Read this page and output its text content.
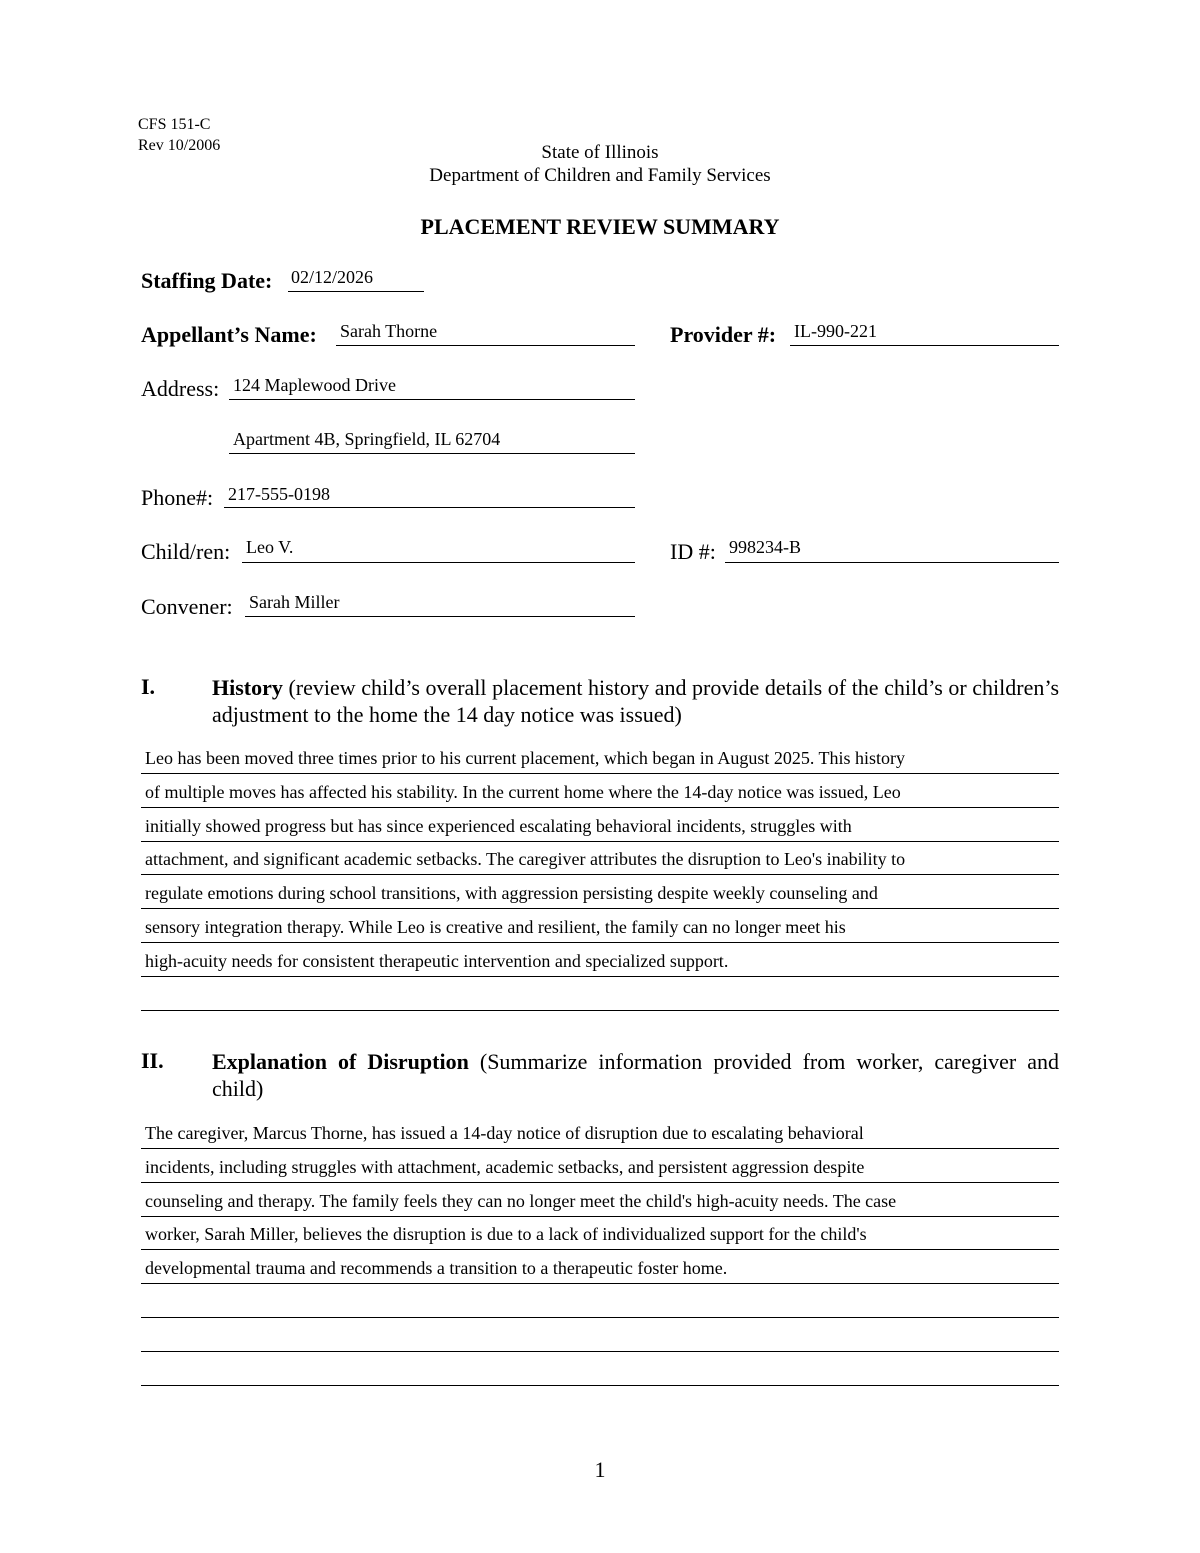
CFS 151-C
Rev 10/2006	State of Illinois
Department of Children and Family Services
PLACEMENT REVIEW SUMMARY
Staffing Date: 02/12/2026
Appellant’s Name: Sarah Thorne	Provider #: IL-990-221
Address: 124 Maplewood Drive
Apartment 4B, Springfield, IL 62704
Phone#: 217-555-0198
Child/ren: Leo V.	ID #: 998234-B
Convener: Sarah Miller
I.	History (review child’s overall placement history and provide details of the child’s or children’s adjustment to the home the 14 day notice was issued)
Leo has been moved three times prior to his current placement, which began in August 2025. This history
of multiple moves has affected his stability. In the current home where the 14-day notice was issued, Leo
initially showed progress but has since experienced escalating behavioral incidents, struggles with
attachment, and significant academic setbacks. The caregiver attributes the disruption to Leo's inability to
regulate emotions during school transitions, with aggression persisting despite weekly counseling and
sensory integration therapy. While Leo is creative and resilient, the family can no longer meet his
high-acuity needs for consistent therapeutic intervention and specialized support.
II. Explanation of Disruption (Summarize information provided from worker, caregiver and child)
The caregiver, Marcus Thorne, has issued a 14-day notice of disruption due to escalating behavioral
incidents, including struggles with attachment, academic setbacks, and persistent aggression despite
counseling and therapy. The family feels they can no longer meet the child's high-acuity needs. The case
worker, Sarah Miller, believes the disruption is due to a lack of individualized support for the child's
developmental trauma and recommends a transition to a therapeutic foster home.
1
